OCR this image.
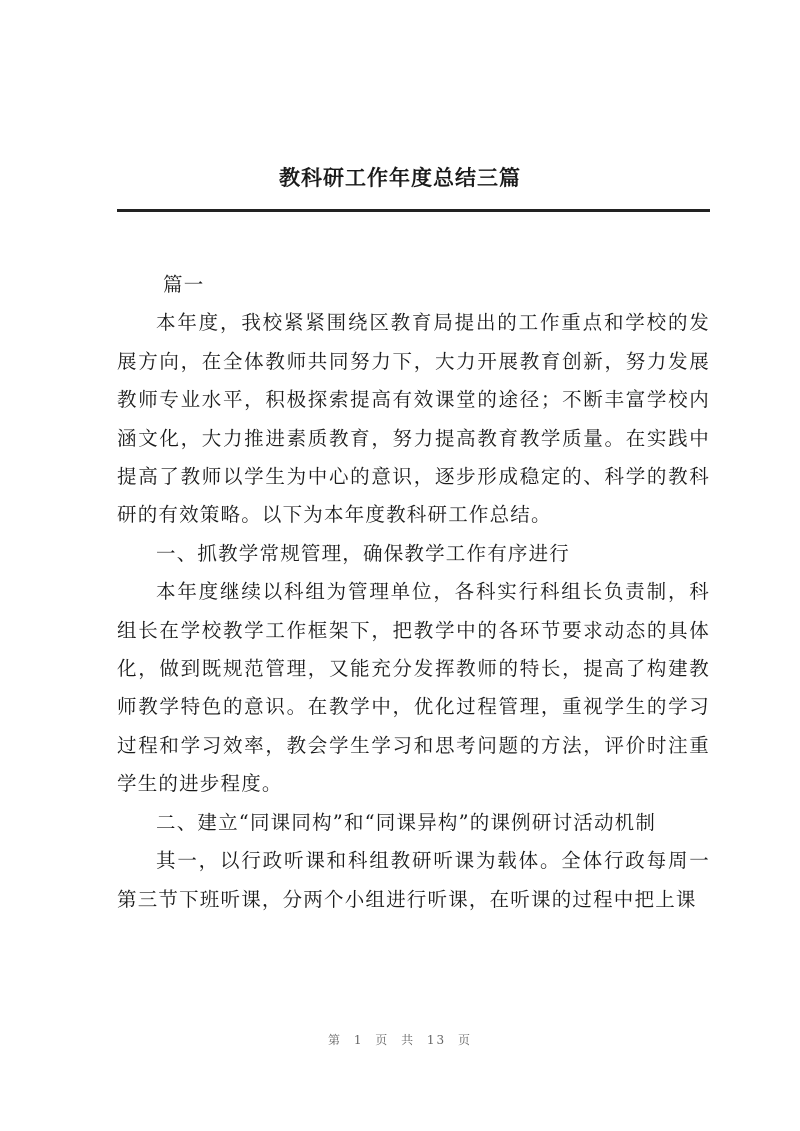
教科研工作年度总结三篇

篇一

本年度，我校紧紧围绕区教育局提出的工作重点和学校的发展方向，在全体教师共同努力下，大力开展教育创新，努力发展教师专业水平，积极探索提高有效课堂的途径；不断丰富学校内涵文化，大力推进素质教育，努力提高教育教学质量。在实践中提高了教师以学生为中心的意识，逐步形成稳定的、科学的教科研的有效策略。以下为本年度教科研工作总结。

一、抓教学常规管理，确保教学工作有序进行

本年度继续以科组为管理单位，各科实行科组长负责制，科组长在学校教学工作框架下，把教学中的各环节要求动态的具体化，做到既规范管理，又能充分发挥教师的特长，提高了构建教师教学特色的意识。在教学中，优化过程管理，重视学生的学习过程和学习效率，教会学生学习和思考问题的方法，评价时注重学生的进步程度。

二、建立“同课同构”和“同课异构”的课例研讨活动机制

其一，以行政听课和科组教研听课为载体。全体行政每周一第三节下班听课，分两个小组进行听课，在听课的过程中把上课

第 1 页 共 13 页
